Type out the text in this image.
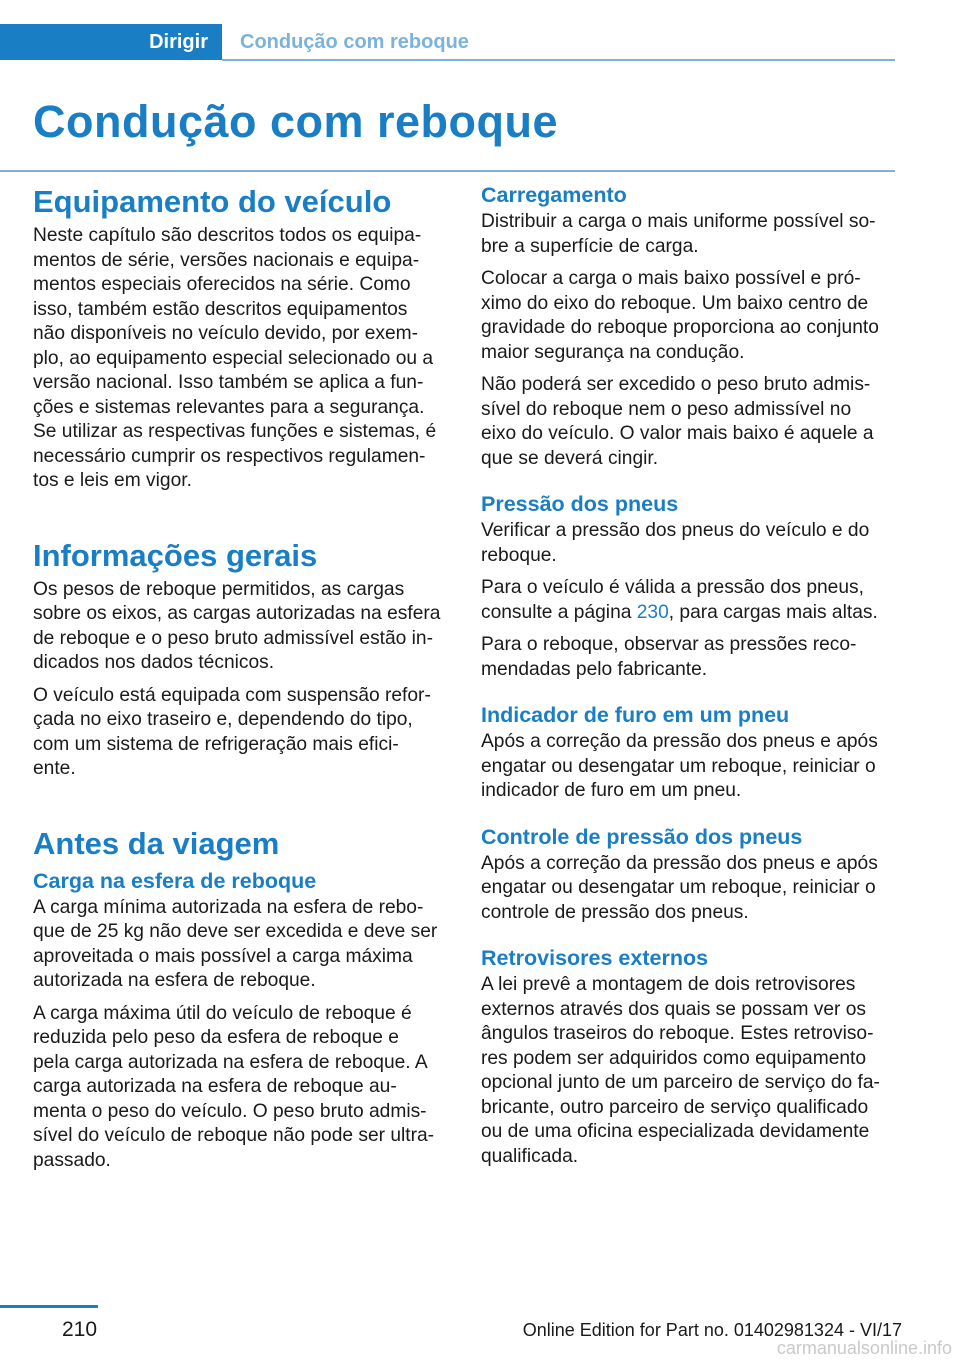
Dirigir Condução com reboque
Condução com reboque
Equipamento do veículo

Neste capítulo são descritos todos os equipa-
mentos de série, versões nacionais e equipa-
mentos especiais oferecidos na série. Como
isso, também estão descritos equipamentos
não disponíveis no veículo devido, por exem-
plo, ao equipamento especial selecionado ou a
versão nacional. Isso também se aplica a fun-
ções e sistemas relevantes para a segurança.
Se utilizar as respectivas funções e sistemas, é
necessário cumprir os respectivos regulamen-
tos e leis em vigor.

Informações gerais

Os pesos de reboque permitidos, as cargas
sobre os eixos, as cargas autorizadas na esfera
de reboque e o peso bruto admissível estão in-
dicados nos dados técnicos.

O veículo está equipada com suspensão refor-
çada no eixo traseiro e, dependendo do tipo,
com um sistema de refrigeração mais efici-
ente.

Antes da viagem
Carga na esfera de reboque

A carga mínima autorizada na esfera de rebo-
que de 25 kg não deve ser excedida e deve ser
aproveitada o mais possível a carga máxima
autorizada na esfera de reboque.

A carga máxima útil do veículo de reboque é
reduzida pelo peso da esfera de reboque e
pela carga autorizada na esfera de reboque. A
carga autorizada na esfera de reboque au-
menta o peso do veículo. O peso bruto admis-
sível do veículo de reboque não pode ser ultra-
passado.

Carregamento

Distribuir a carga o mais uniforme possível so-
bre a superfície de carga.

Colocar a carga o mais baixo possível e pró-
ximo do eixo do reboque. Um baixo centro de
gravidade do reboque proporciona ao conjunto
maior segurança na condução.

Não poderá ser excedido o peso bruto admis-
sível do reboque nem o peso admissível no
eixo do veículo. O valor mais baixo é aquele a
que se deverá cingir.

Pressão dos pneus

Verificar a pressão dos pneus do veículo e do
reboque.

Para o veículo é válida a pressão dos pneus,
consulte a página 230, para cargas mais altas.

Para o reboque, observar as pressões reco-
mendadas pelo fabricante.

Indicador de furo em um pneu

Após a correção da pressão dos pneus e após
engatar ou desengatar um reboque, reiniciar o
indicador de furo em um pneu.

Controle de pressão dos pneus

Após a correção da pressão dos pneus e após
engatar ou desengatar um reboque, reiniciar o
controle de pressão dos pneus.

Retrovisores externos

A lei prevê a montagem de dois retrovisores
externos através dos quais se possam ver os
ângulos traseiros do reboque. Estes retroviso-
res podem ser adquiridos como equipamento
opcional junto de um parceiro de serviço do fa-
bricante, outro parceiro de serviço qualificado
ou de uma oficina especializada devidamente
qualificada.

210	Online Edition for Part no. 01402981324 - VI/17
carmanualsonline.info
